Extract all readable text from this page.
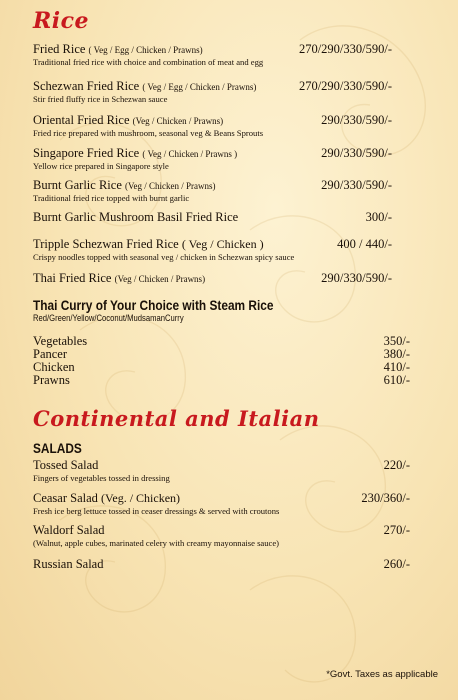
Rice
Fried Rice ( Veg / Egg / Chicken / Prawns)	270/290/330/590/-
Traditional fried rice with choice and combination of meat and egg
Schezwan Fried Rice ( Veg / Egg / Chicken / Prawns)	270/290/330/590/-
Stir fried fluffy rice in Schezwan sauce
Oriental Fried Rice (Veg / Chicken / Prawns)	290/330/590/-
Fried rice prepared with mushroom, seasonal veg & Beans Sprouts
Singapore Fried Rice ( Veg / Chicken / Prawns )	290/330/590/-
Yellow rice prepared in Singapore style
Burnt Garlic Rice (Veg / Chicken / Prawns)	290/330/590/-
Traditional fried rice topped with burnt garlic
Burnt Garlic Mushroom Basil Fried Rice	300/-
Tripple Schezwan Fried Rice ( Veg / Chicken )	400 / 440/-
Crispy noodles topped with seasonal veg / chicken in Schezwan spicy sauce
Thai Fried Rice (Veg / Chicken / Prawns)	290/330/590/-
Thai Curry of Your Choice with Steam Rice
Red/Green/Yellow/Coconut/MudsamanCurry
Vegetables	350/-
Pancer	380/-
Chicken	410/-
Prawns	610/-
Continental and Italian
SALADS
Tossed Salad	220/-
Fingers of vegetables tossed in dressing
Ceasar Salad (Veg. / Chicken)	230/360/-
Fresh ice berg lettuce tossed in ceaser dressings & served with croutons
Waldorf Salad	270/-
(Walnut, apple cubes, marinated celery with creamy mayonnaise sauce)
Russian Salad	260/-
*Govt. Taxes as applicable
